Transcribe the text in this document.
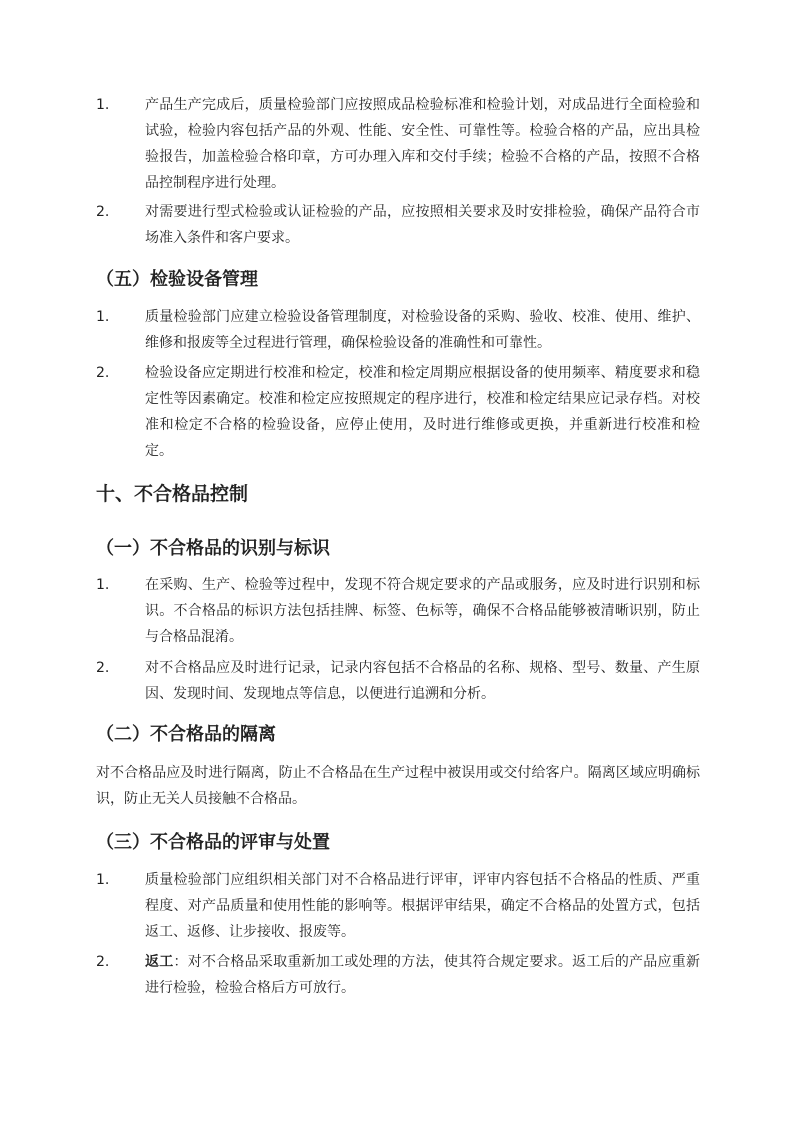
1.	产品生产完成后，质量检验部门应按照成品检验标准和检验计划，对成品进行全面检验和试验，检验内容包括产品的外观、性能、安全性、可靠性等。检验合格的产品，应出具检验报告，加盖检验合格印章，方可办理入库和交付手续；检验不合格的产品，按照不合格品控制程序进行处理。
2.	对需要进行型式检验或认证检验的产品，应按照相关要求及时安排检验，确保产品符合市场准入条件和客户要求。
（五）检验设备管理
1.	质量检验部门应建立检验设备管理制度，对检验设备的采购、验收、校准、使用、维护、维修和报废等全过程进行管理，确保检验设备的准确性和可靠性。
2.	检验设备应定期进行校准和检定，校准和检定周期应根据设备的使用频率、精度要求和稳定性等因素确定。校准和检定应按照规定的程序进行，校准和检定结果应记录存档。对校准和检定不合格的检验设备，应停止使用，及时进行维修或更换，并重新进行校准和检定。
十、不合格品控制
（一）不合格品的识别与标识
1.	在采购、生产、检验等过程中，发现不符合规定要求的产品或服务，应及时进行识别和标识。不合格品的标识方法包括挂牌、标签、色标等，确保不合格品能够被清晰识别，防止与合格品混淆。
2.	对不合格品应及时进行记录，记录内容包括不合格品的名称、规格、型号、数量、产生原因、发现时间、发现地点等信息，以便进行追溯和分析。
（二）不合格品的隔离

对不合格品应及时进行隔离，防止不合格品在生产过程中被误用或交付给客户。隔离区域应明确标识，防止无关人员接触不合格品。

（三）不合格品的评审与处置
1.	质量检验部门应组织相关部门对不合格品进行评审，评审内容包括不合格品的性质、严重程度、对产品质量和使用性能的影响等。根据评审结果，确定不合格品的处置方式，包括返工、返修、让步接收、报废等。
2.	返工：对不合格品采取重新加工或处理的方法，使其符合规定要求。返工后的产品应重新进行检验，检验合格后方可放行。
